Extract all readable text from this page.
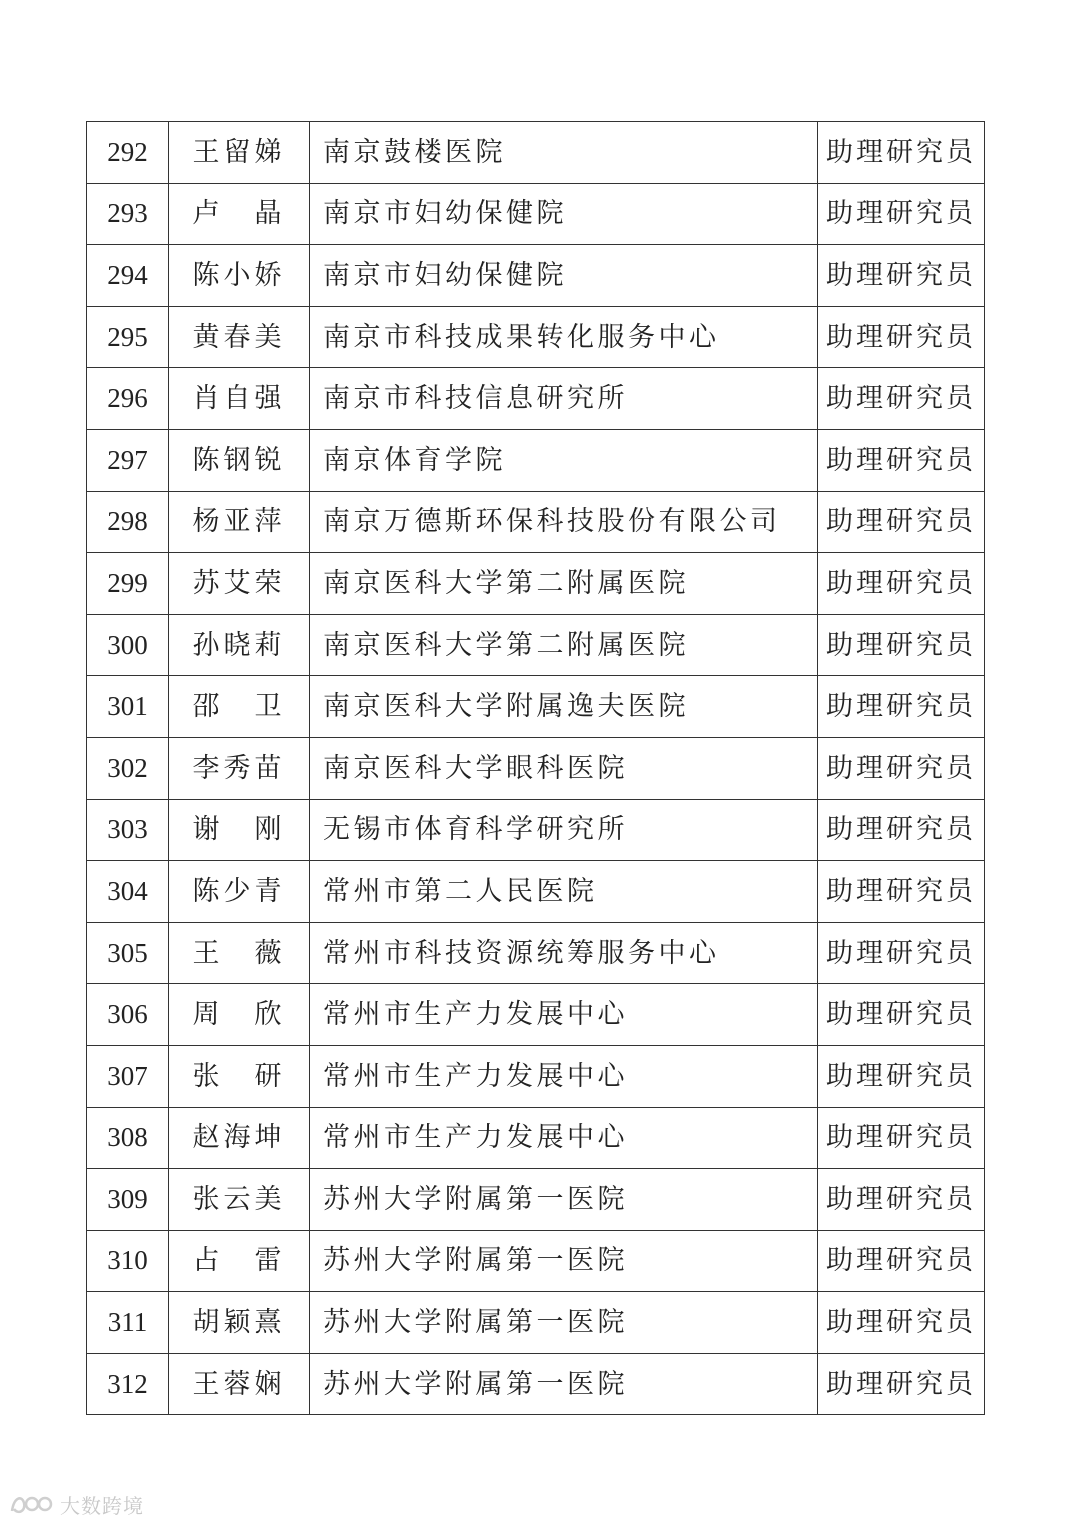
292	王留娣	南京鼓楼医院	助理研究员
293	卢　晶	南京市妇幼保健院	助理研究员
294	陈小娇	南京市妇幼保健院	助理研究员
295	黄春美	南京市科技成果转化服务中心	助理研究员
296	肖自强	南京市科技信息研究所	助理研究员
297	陈钢锐	南京体育学院	助理研究员
298	杨亚萍	南京万德斯环保科技股份有限公司	助理研究员
299	苏艾荣	南京医科大学第二附属医院	助理研究员
300	孙晓莉	南京医科大学第二附属医院	助理研究员
301	邵　卫	南京医科大学附属逸夫医院	助理研究员
302	李秀苗	南京医科大学眼科医院	助理研究员
303	谢　刚	无锡市体育科学研究所	助理研究员
304	陈少青	常州市第二人民医院	助理研究员
305	王　薇	常州市科技资源统筹服务中心	助理研究员
306	周　欣	常州市生产力发展中心	助理研究员
307	张　研	常州市生产力发展中心	助理研究员
308	赵海坤	常州市生产力发展中心	助理研究员
309	张云美	苏州大学附属第一医院	助理研究员
310	占　雷	苏州大学附属第一医院	助理研究员
311	胡颖熹	苏州大学附属第一医院	助理研究员
312	王蓉娴	苏州大学附属第一医院	助理研究员
大数跨境
